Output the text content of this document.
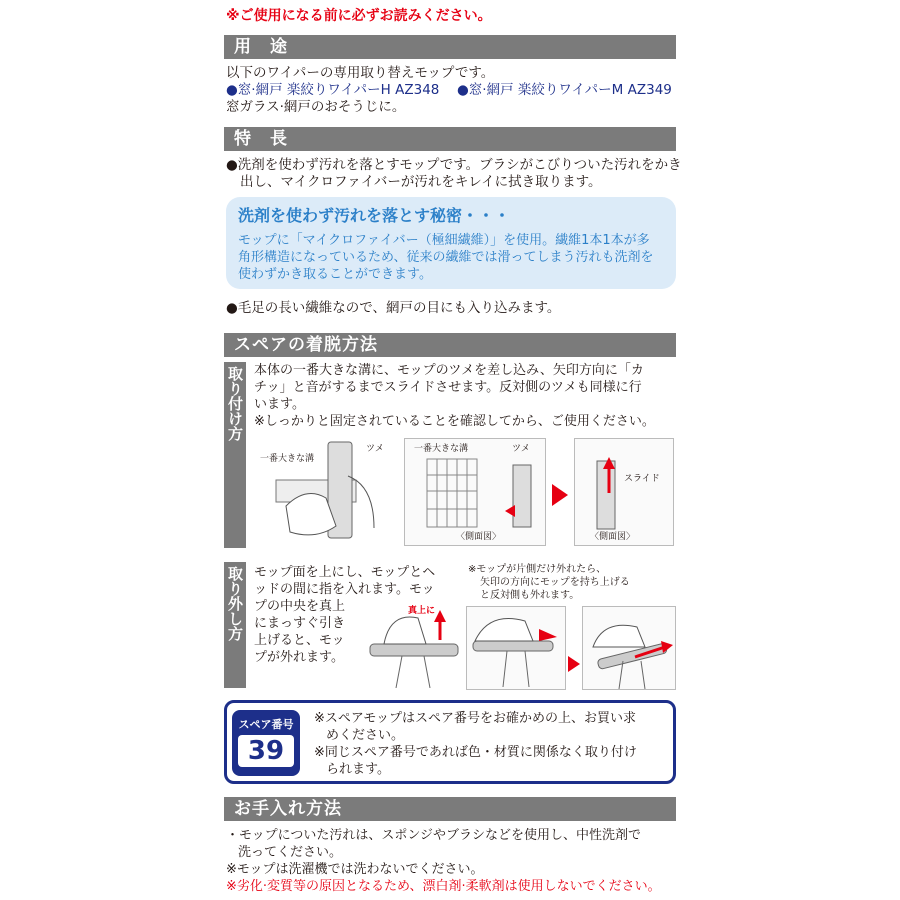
※ご使用になる前に必ずお読みください。
用　途
以下のワイパーの専用取り替えモップです。
●窓·網戸 楽絞りワイパーH AZ348 ●窓·網戸 楽絞りワイパーM AZ349
窓ガラス·網戸のおそうじに。
特　長
●洗剤を使わず汚れを落とすモップです。ブラシがこびりついた汚れをかき
出し、マイクロファイバーが汚れをキレイに拭き取ります。
洗剤を使わず汚れを落とす秘密・・・
モップに「マイクロファイバー（極細繊維）」を使用。繊維1本1本が多
角形構造になっているため、従来の繊維では滑ってしまう汚れも洗剤を
使わずかき取ることができます。
●毛足の長い繊維なので、網戸の目にも入り込みます。
スペアの着脱方法
取り付け方 本体の一番大きな溝に、モップのツメを差し込み、矢印方向に「カ
チッ」と音がするまでスライドさせます。反対側のツメも同様に行
います。
※しっかりと固定されていることを確認してから、ご使用ください。
一番大きな溝
ツメ	一番大きな溝	ツメ
〈側面図〉
スライド
〈側面図〉
取り外し方 モップ面を上にし、モップとヘ
ッドの間に指を入れます。モッ
プの中央を真上
にまっすぐ引き
上げると、モッ
プが外れます。
真上に
※モップが片側だけ外れたら、
矢印の方向にモップを持ち上げる
と反対側も外れます。
スペア番号
39
※スペアモップはスペア番号をお確かめの上、お買い求
めください。
※同じスペア番号であれば色・材質に関係なく取り付け
られます。
お手入れ方法
・モップについた汚れは、スポンジやブラシなどを使用し、中性洗剤で
洗ってください。
※モップは洗濯機では洗わないでください。
※劣化·変質等の原因となるため、漂白剤·柔軟剤は使用しないでください。
